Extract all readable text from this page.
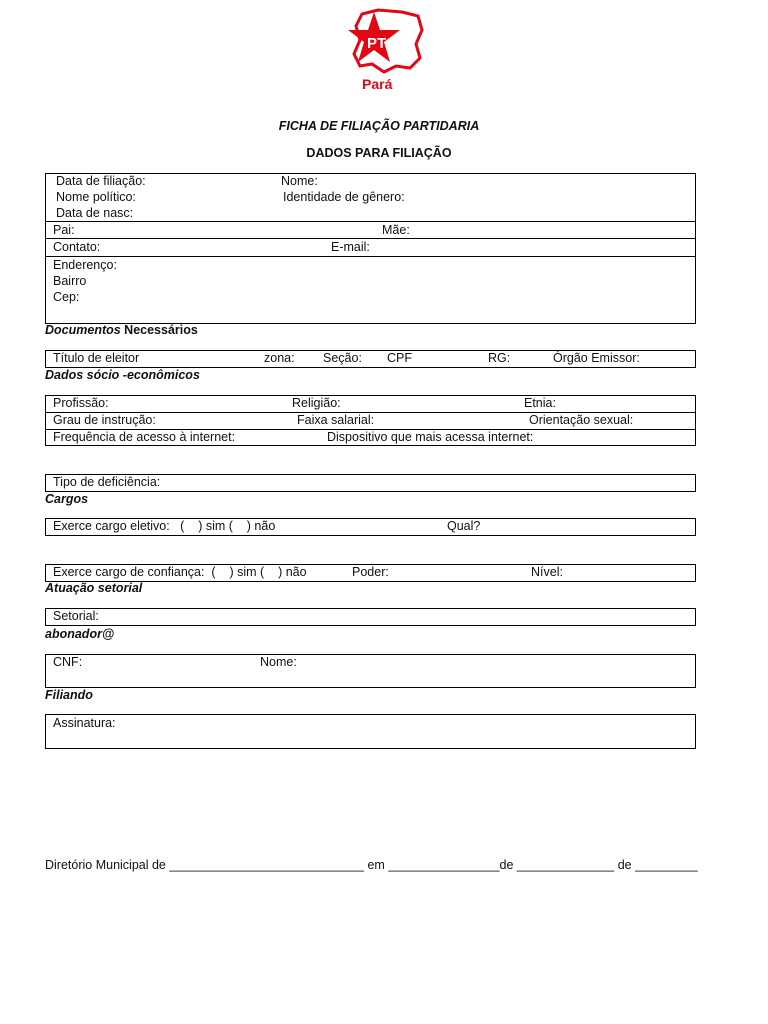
PT
Pará
FICHA DE FILIAÇÃO PARTIDARIA
DADOS PARA FILIAÇÃO
Data de filiação:	Nome:
Nome político:	Identidade de gênero:
Data de nasc:
Pai:	Mãe:
Contato:	E-mail:
Enderenço:
Bairro
Cep:
Documentos Necessários
Título de eleitor	zona: Seção: CPF	RG:	Órgão Emissor:
Dados sócio -econômicos
Profissão:	Religião:	Etnia:
Grau de instrução:	Faixa salarial:	Orientação sexual:
Frequência de acesso à internet:	Dispositivo que mais acessa internet:
Tipo de deficiência:
Cargos
Exerce cargo eletivo:   (    ) sim (    ) não	Qual?
Exerce cargo de confiança:  (    ) sim (    ) não	Poder:	Nível:
Atuação setorial
Setorial:
abonador@
CNF:	Nome:
Filiando
Assinatura:
Diretório Municipal de ____________________________ em ________________de ______________ de _________
